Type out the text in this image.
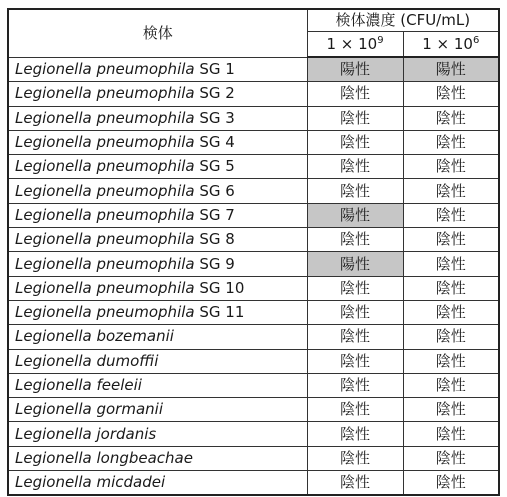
検体	検体濃度 (CFU/mL)	
	$1 \times 10^9$	$1 \times 10^6$
Legionella pneumophila SG 1	陽性	陽性
Legionella pneumophila SG 2	陰性	陰性
Legionella pneumophila SG 3	陰性	陰性
Legionella pneumophila SG 4	陰性	陰性
Legionella pneumophila SG 5	陰性	陰性
Legionella pneumophila SG 6	陰性	陰性
Legionella pneumophila SG 7	陽性	陰性
Legionella pneumophila SG 8	陰性	陰性
Legionella pneumophila SG 9	陽性	陰性
Legionella pneumophila SG 10	陰性	陰性
Legionella pneumophila SG 11	陰性	陰性
Legionella bozemanii	陰性	陰性
Legionella dumoffii	陰性	陰性
Legionella feeleii	陰性	陰性
Legionella gormanii	陰性	陰性
Legionella jordanis	陰性	陰性
Legionella longbeachae	陰性	陰性
Legionella micdadei	陰性	陰性
